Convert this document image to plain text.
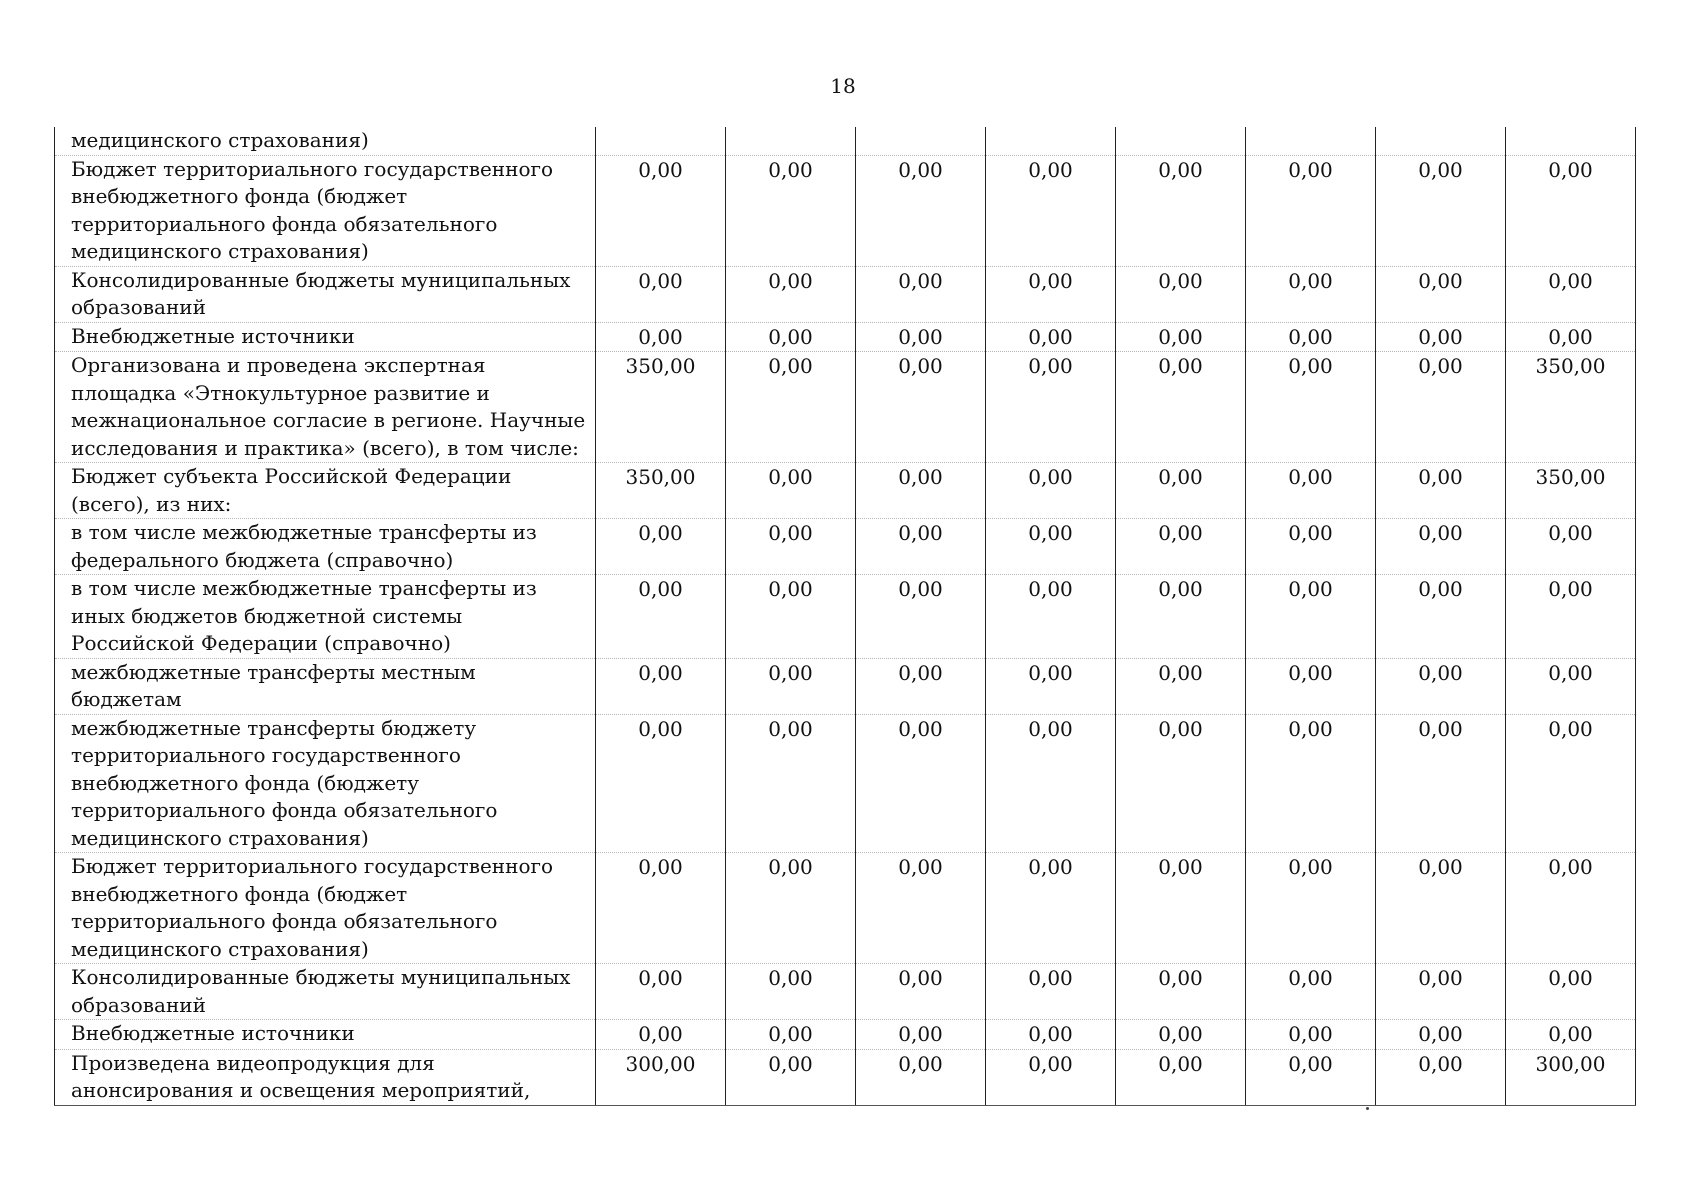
18
медицинского страхования)								
Бюджет территориального государственного внебюджетного фонда (бюджет территориального фонда обязательного медицинского страхования)	0,00	0,00	0,00	0,00	0,00	0,00	0,00	0,00
Консолидированные бюджеты муниципальных образований	0,00	0,00	0,00	0,00	0,00	0,00	0,00	0,00
Внебюджетные источники	0,00	0,00	0,00	0,00	0,00	0,00	0,00	0,00
Организована и проведена экспертная площадка «Этнокультурное развитие и межнациональное согласие в регионе. Научные исследования и практика» (всего), в том числе:	350,00	0,00	0,00	0,00	0,00	0,00	0,00	350,00
Бюджет субъекта Российской Федерации (всего), из них:	350,00	0,00	0,00	0,00	0,00	0,00	0,00	350,00
в том числе межбюджетные трансферты из федерального бюджета (справочно)	0,00	0,00	0,00	0,00	0,00	0,00	0,00	0,00
в том числе межбюджетные трансферты из иных бюджетов бюджетной системы Российской Федерации (справочно)	0,00	0,00	0,00	0,00	0,00	0,00	0,00	0,00
межбюджетные трансферты местным бюджетам	0,00	0,00	0,00	0,00	0,00	0,00	0,00	0,00
межбюджетные трансферты бюджету территориального государственного внебюджетного фонда (бюджету территориального фонда обязательного медицинского страхования)	0,00	0,00	0,00	0,00	0,00	0,00	0,00	0,00
Бюджет территориального государственного внебюджетного фонда (бюджет территориального фонда обязательного медицинского страхования)	0,00	0,00	0,00	0,00	0,00	0,00	0,00	0,00
Консолидированные бюджеты муниципальных образований	0,00	0,00	0,00	0,00	0,00	0,00	0,00	0,00
Внебюджетные источники	0,00	0,00	0,00	0,00	0,00	0,00	0,00	0,00
Произведена видеопродукция для анонсирования и освещения мероприятий,	300,00	0,00	0,00	0,00	0,00	0,00	0,00	300,00
